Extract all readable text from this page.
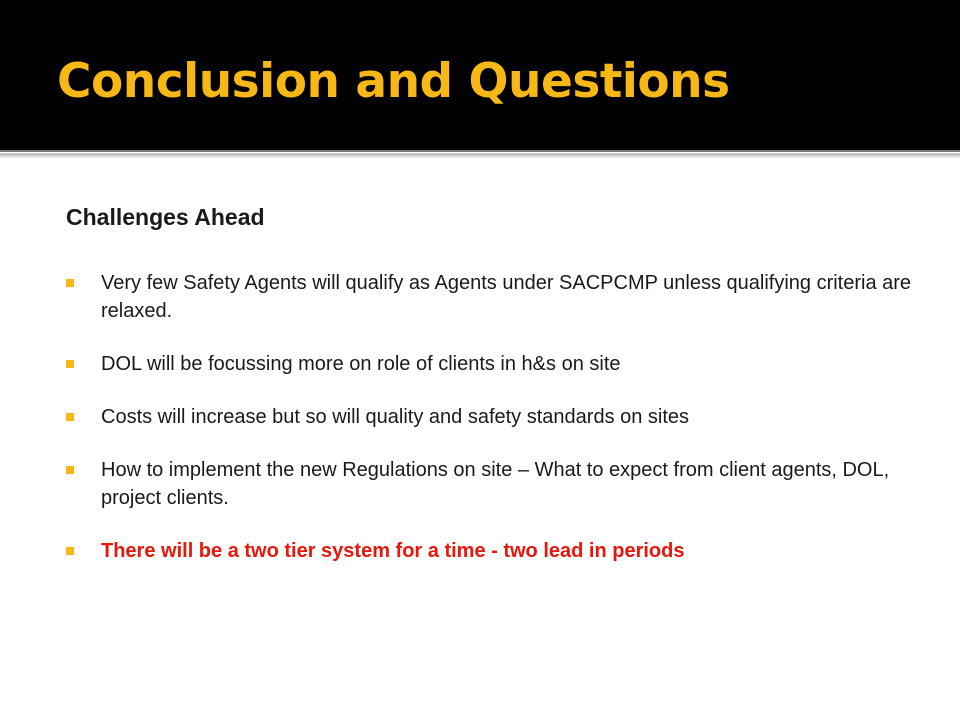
Conclusion and Questions
Challenges Ahead
Very few Safety Agents will qualify as Agents under SACPCMP unless qualifying criteria are relaxed.
DOL will be focussing more on role of clients in h&s on site
Costs will increase but so will quality and safety standards on sites
How to implement the new Regulations on site – What to expect from client agents, DOL, project clients.
There will be a two tier system for a time - two lead in periods
